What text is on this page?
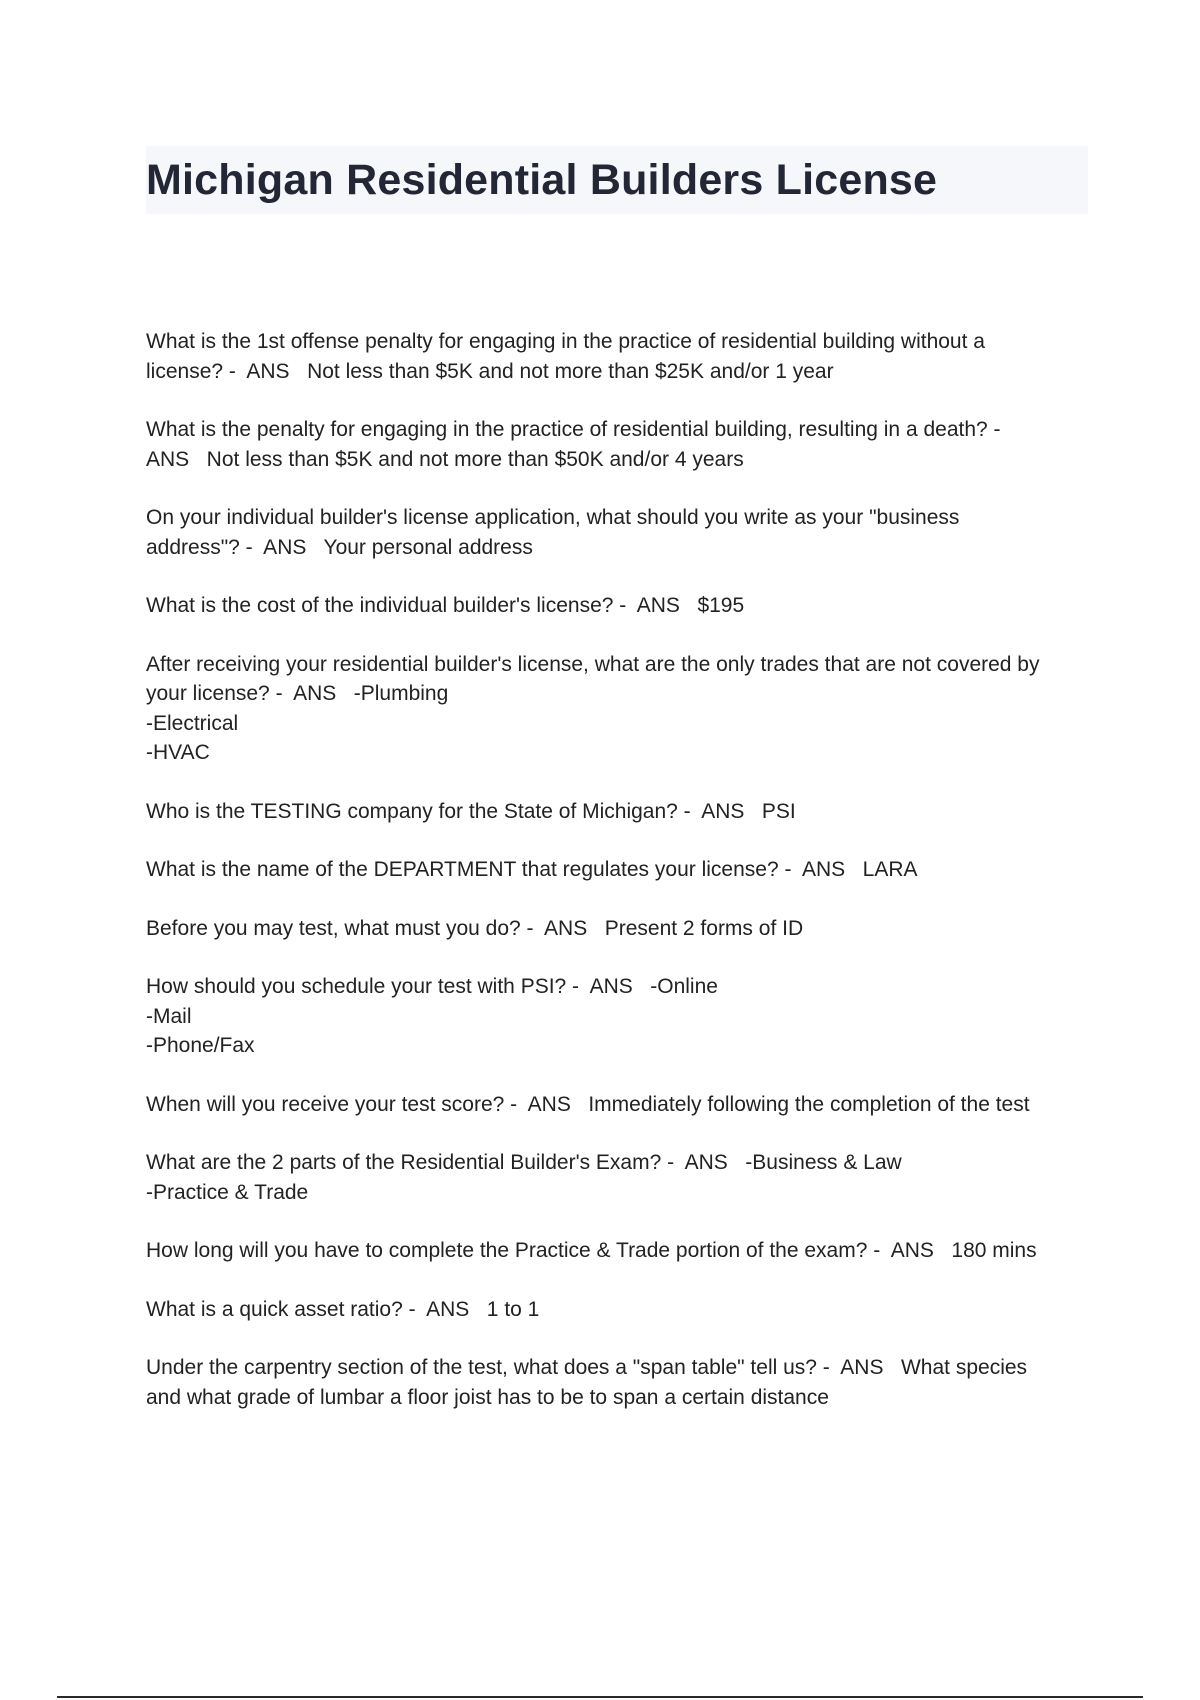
Michigan Residential Builders License
What is the 1st offense penalty for engaging in the practice of residential building without a
license? -  ANS   Not less than $5K and not more than $25K and/or 1 year
What is the penalty for engaging in the practice of residential building, resulting in a death? -
ANS   Not less than $5K and not more than $50K and/or 4 years
On your individual builder's license application, what should you write as your "business
address"? -  ANS   Your personal address
What is the cost of the individual builder's license? -  ANS   $195
After receiving your residential builder's license, what are the only trades that are not covered by
your license? -  ANS   -Plumbing
-Electrical
-HVAC
Who is the TESTING company for the State of Michigan? -  ANS   PSI
What is the name of the DEPARTMENT that regulates your license? -  ANS   LARA
Before you may test, what must you do? -  ANS   Present 2 forms of ID
How should you schedule your test with PSI? -  ANS   -Online
-Mail
-Phone/Fax
When will you receive your test score? -  ANS   Immediately following the completion of the test
What are the 2 parts of the Residential Builder's Exam? -  ANS   -Business & Law
-Practice & Trade
How long will you have to complete the Practice & Trade portion of the exam? -  ANS   180 mins
What is a quick asset ratio? -  ANS   1 to 1
Under the carpentry section of the test, what does a "span table" tell us? -  ANS   What species
and what grade of lumbar a floor joist has to be to span a certain distance
